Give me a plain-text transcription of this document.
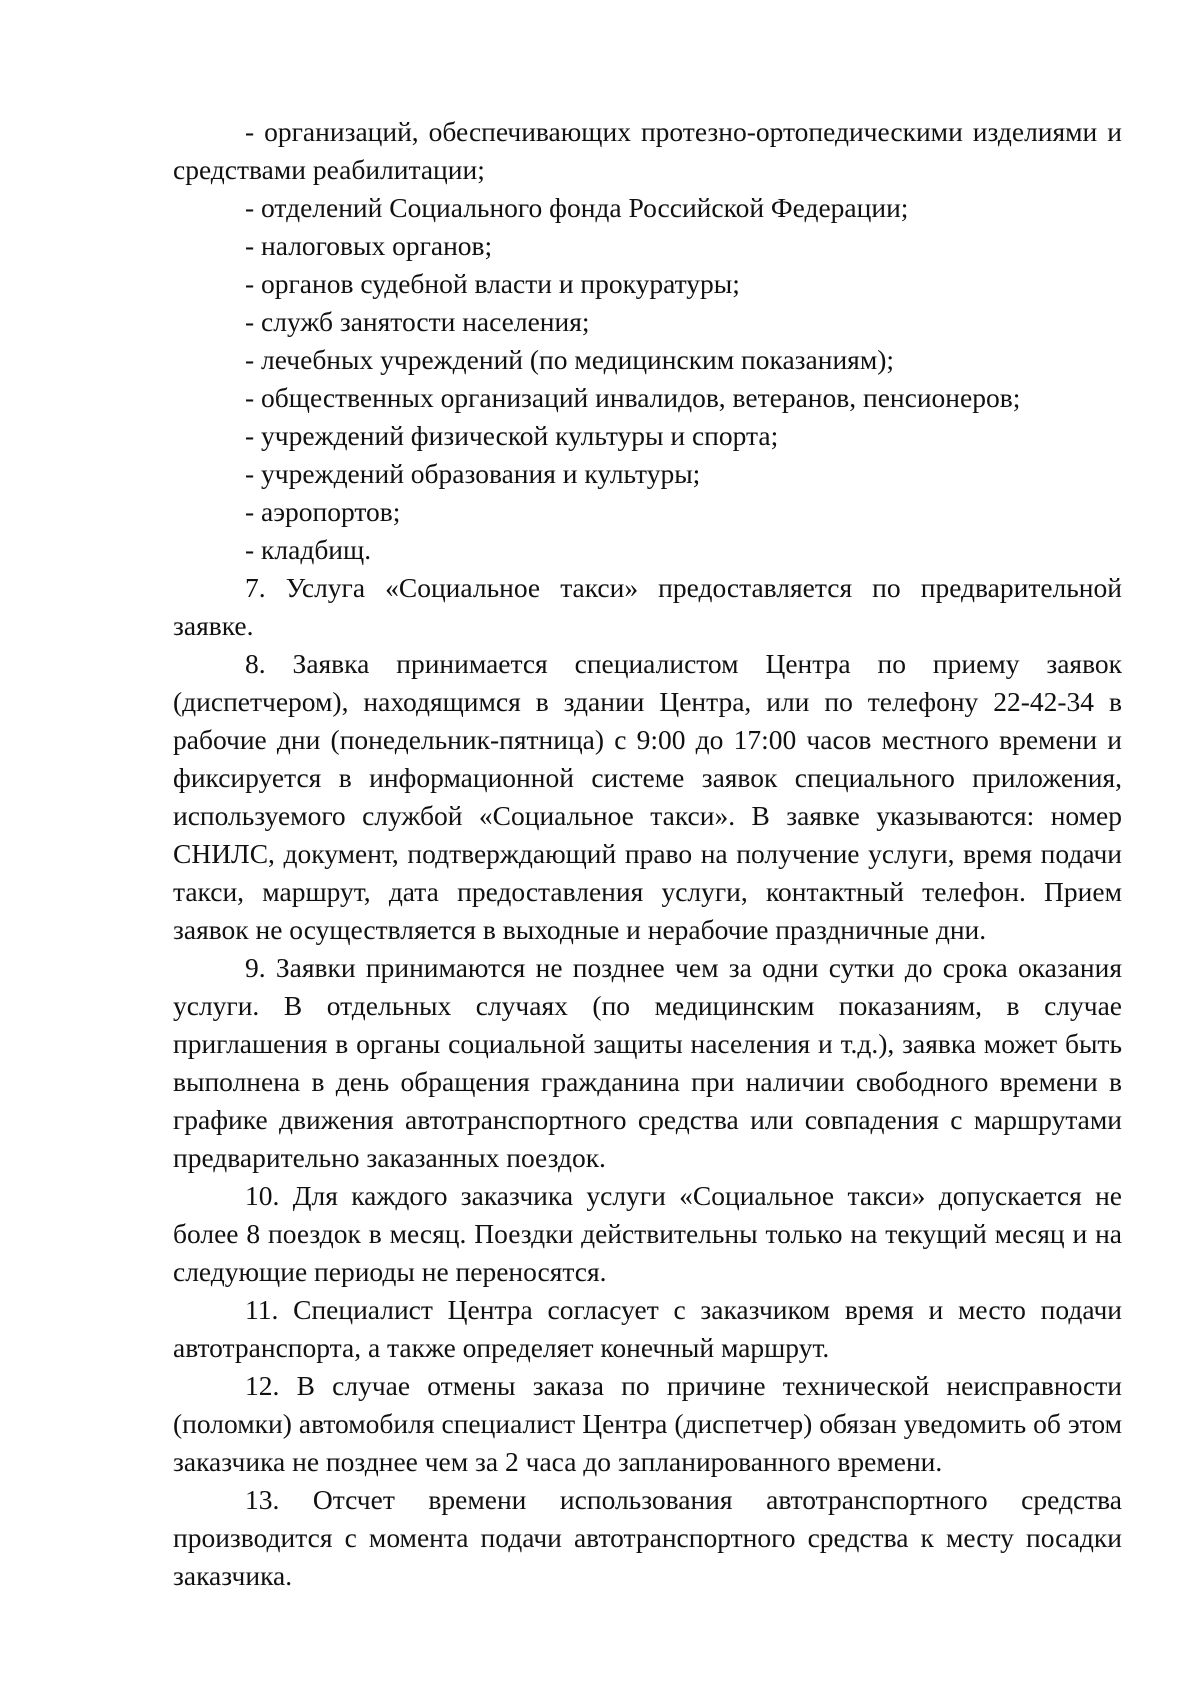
- организаций, обеспечивающих протезно-ортопедическими изделиями и средствами реабилитации;

- отделений Социального фонда Российской Федерации;

- налоговых органов;

- органов судебной власти и прокуратуры;

- служб занятости населения;

- лечебных учреждений (по медицинским показаниям);

- общественных организаций инвалидов, ветеранов, пенсионеров;

- учреждений физической культуры и спорта;

- учреждений образования и культуры;

- аэропортов;

- кладбищ.

7. Услуга «Социальное такси» предоставляется по предварительной заявке.

8. Заявка принимается специалистом Центра по приему заявок (диспетчером), находящимся в здании Центра, или по телефону 22-42-34 в рабочие дни (понедельник-пятница) с 9:00 до 17:00 часов местного времени и фиксируется в информационной системе заявок специального приложения, используемого службой «Социальное такси». В заявке указываются: номер СНИЛС, документ, подтверждающий право на получение услуги, время подачи такси, маршрут, дата предоставления услуги, контактный телефон. Прием заявок не осуществляется в выходные и нерабочие праздничные дни.

9. Заявки принимаются не позднее чем за одни сутки до срока оказания услуги. В отдельных случаях (по медицинским показаниям, в случае приглашения в органы социальной защиты населения и т.д.), заявка может быть выполнена в день обращения гражданина при наличии свободного времени в графике движения автотранспортного средства или совпадения с маршрутами предварительно заказанных поездок.

10. Для каждого заказчика услуги «Социальное такси» допускается не более 8 поездок в месяц. Поездки действительны только на текущий месяц и на следующие периоды не переносятся.

11. Специалист Центра согласует с заказчиком время и место подачи автотранспорта, а также определяет конечный маршрут.

12. В случае отмены заказа по причине технической неисправности (поломки) автомобиля специалист Центра (диспетчер) обязан уведомить об этом заказчика не позднее чем за 2 часа до запланированного времени.

13. Отсчет времени использования автотранспортного средства производится с момента подачи автотранспортного средства к месту посадки заказчика.
